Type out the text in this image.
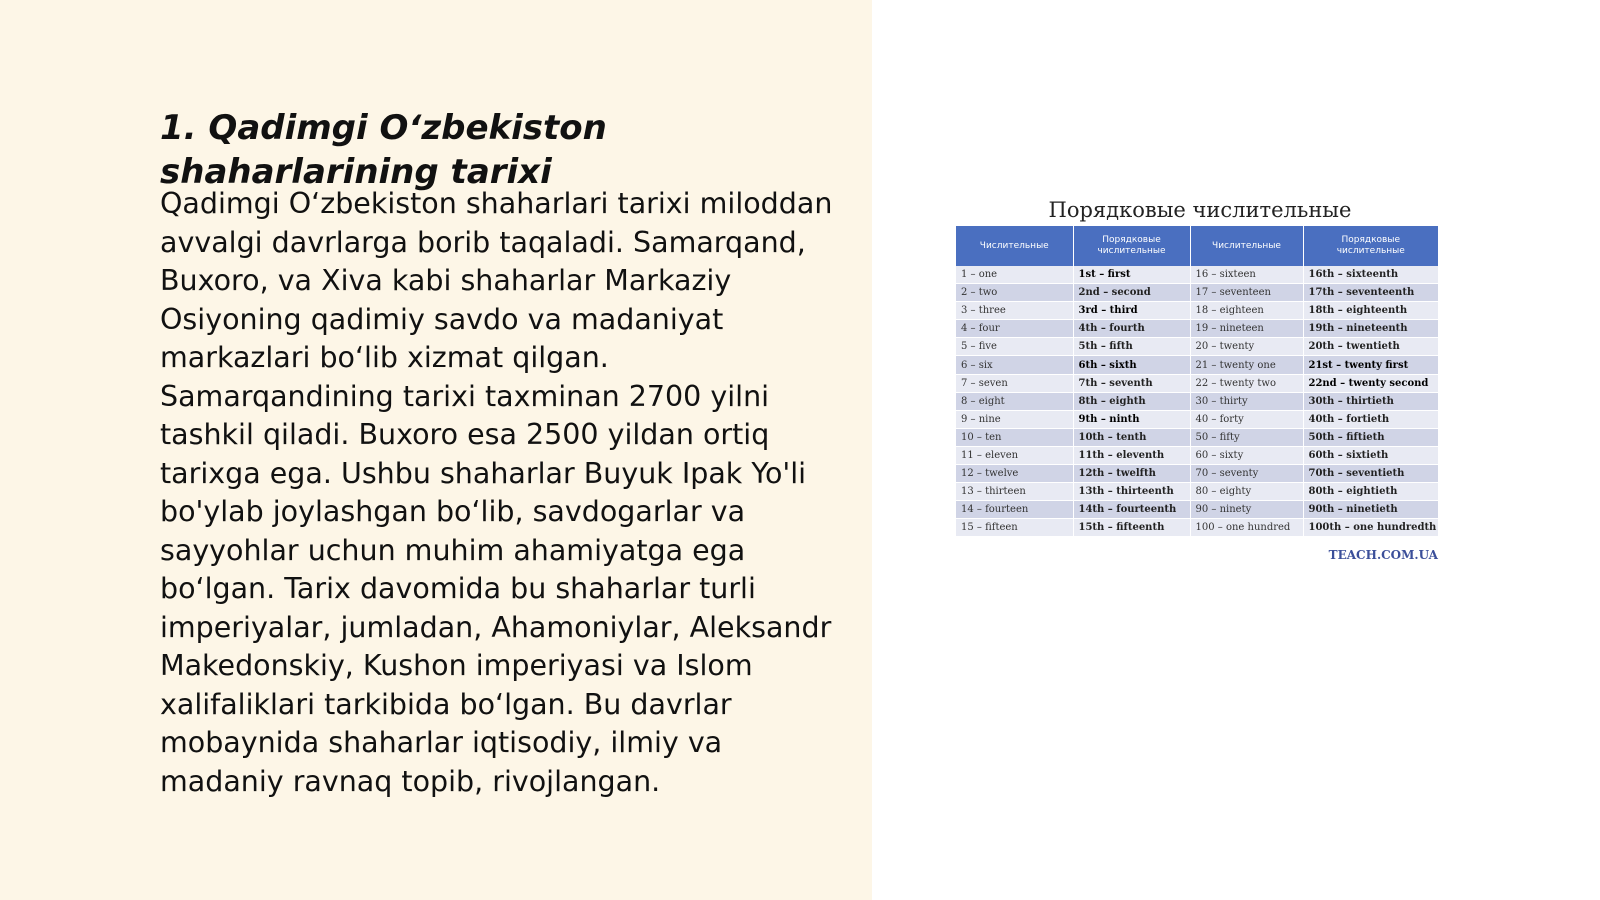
1. Qadimgi O‘zbekiston shaharlarining tarixi

Qadimgi O‘zbekiston shaharlari tarixi miloddan avvalgi davrlarga borib taqaladi. Samarqand, Buxoro, va Xiva kabi shaharlar Markaziy Osiyoning qadimiy savdo va madaniyat markazlari bo‘lib xizmat qilgan. Samarqandining tarixi taxminan 2700 yilni tashkil qiladi. Buxoro esa 2500 yildan ortiq tarixga ega. Ushbu shaharlar Buyuk Ipak Yo'li bo'ylab joylashgan bo‘lib, savdogarlar va sayyohlar uchun muhim ahamiyatga ega bo‘lgan. Tarix davomida bu shaharlar turli imperiyalar, jumladan, Ahamoniylar, Aleksandr Makedonskiy, Kushon imperiyasi va Islom xalifaliklari tarkibida bo‘lgan. Bu davrlar mobaynida shaharlar iqtisodiy, ilmiy va madaniy ravnaq topib, rivojlangan.

Порядковые числительные
Числительные	Порядковые числительные	Числительные	Порядковые числительные
1 – one	1st – first	16 – sixteen	16th – sixteenth
2 – two	2nd – second	17 – seventeen	17th – seventeenth
3 – three	3rd – third	18 – eighteen	18th – eighteenth
4 – four	4th – fourth	19 – nineteen	19th – nineteenth
5 – five	5th – fifth	20 – twenty	20th – twentieth
6 – six	6th – sixth	21 – twenty one	21st – twenty first
7 – seven	7th – seventh	22 – twenty two	22nd – twenty second
8 – eight	8th – eighth	30 – thirty	30th – thirtieth
9 – nine	9th – ninth	40 – forty	40th – fortieth
10 – ten	10th – tenth	50 – fifty	50th – fiftieth
11 – eleven	11th – eleventh	60 – sixty	60th – sixtieth
12 – twelve	12th – twelfth	70 – seventy	70th – seventieth
13 – thirteen	13th – thirteenth	80 – eighty	80th – eightieth
14 – fourteen	14th – fourteenth	90 – ninety	90th – ninetieth
15 – fifteen	15th – fifteenth	100 – one hundred	100th – one hundredth
TEACH.COM.UA
